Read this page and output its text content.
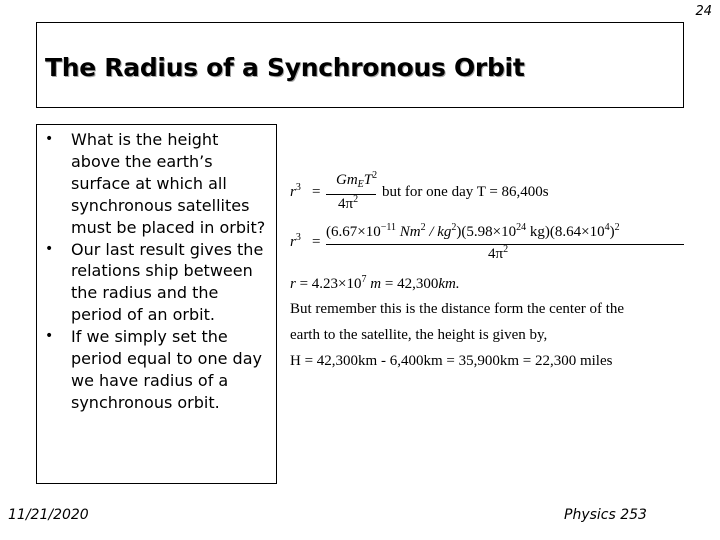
24
The Radius of a Synchronous Orbit
•	What is the height above the earth’s surface at which all synchronous satellites must be placed in orbit?
•	Our last result gives the relations ship between the radius and the period of an orbit.
•	If we simply set the period equal to one day we have radius of a synchronous orbit.
$r^3$ =
$Gm_ET^2$
$4\pi^2$ but for one day T = 86,400s
$r^3$ =
($6.67\times 10^{-11}$ $Nm^2 / kg^2)(5.98\times 10^{24}$ $kg)(8.64\times 10^4)^2$
$4\pi^2$
$r = 4.23\times 10^7$ m = 42,300km.
But remember this is the distance form the center of the
earth to the satellite, the height is given by,
H = 42,300km - 6,400km = 35,900km = 22,300 miles
11/21/2020	Physics 253
